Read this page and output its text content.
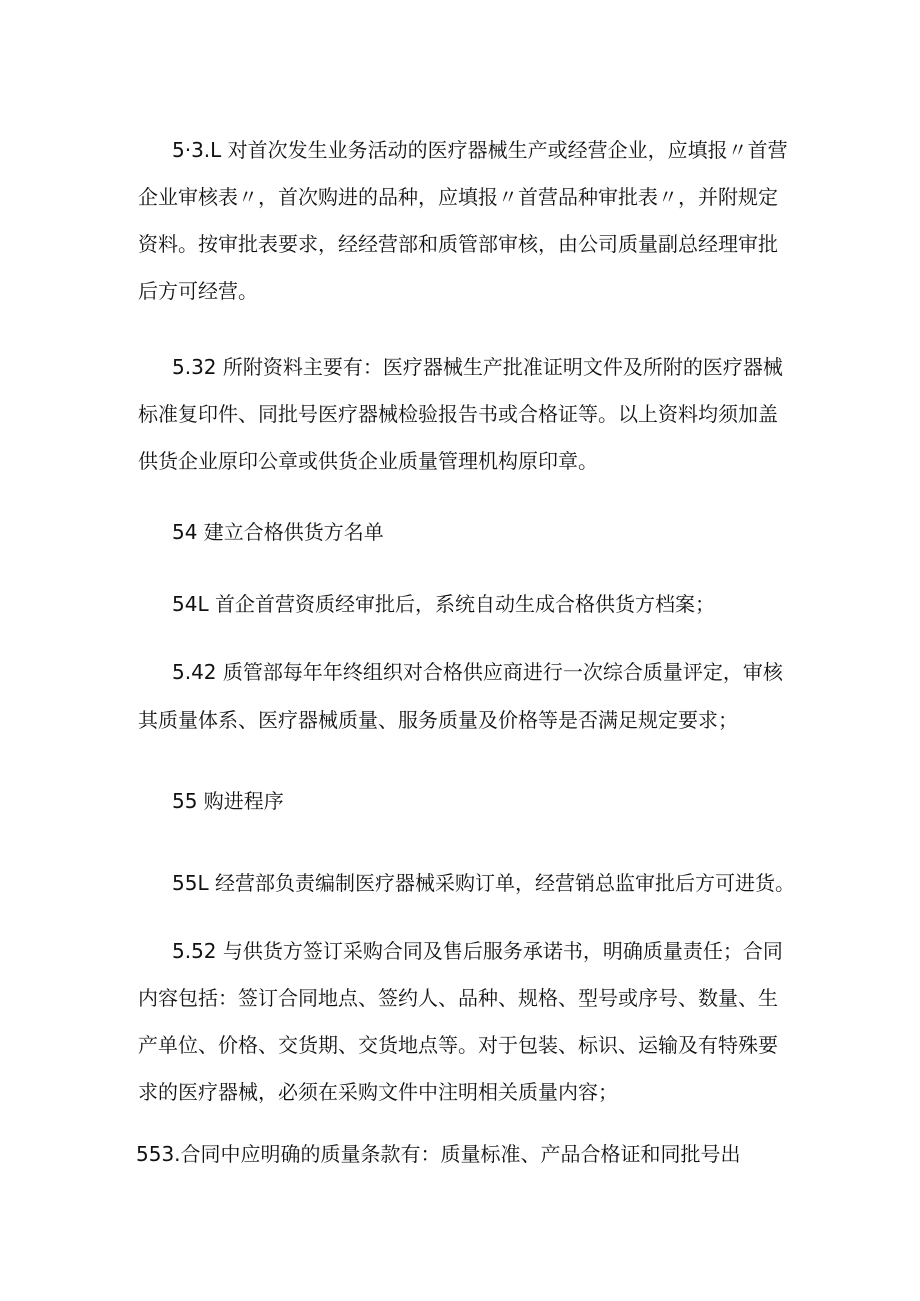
5·3.L 对首次发生业务活动的医疗器械生产或经营企业，应填报〃首营
企业审核表〃，首次购进的品种，应填报〃首营品种审批表〃，并附规定
资料。按审批表要求，经经营部和质管部审核，由公司质量副总经理审批
后方可经营。
5.32 所附资料主要有：医疗器械生产批准证明文件及所附的医疗器械
标准复印件、同批号医疗器械检验报告书或合格证等。以上资料均须加盖
供货企业原印公章或供货企业质量管理机构原印章。
54 建立合格供货方名单
54L 首企首营资质经审批后，系统自动生成合格供货方档案；
5.42 质管部每年年终组织对合格供应商进行一次综合质量评定，审核
其质量体系、医疗器械质量、服务质量及价格等是否满足规定要求；
55 购进程序
55L 经营部负责编制医疗器械采购订单，经营销总监审批后方可进货。
5.52 与供货方签订采购合同及售后服务承诺书，明确质量责任；合同
内容包括：签订合同地点、签约人、品种、规格、型号或序号、数量、生
产单位、价格、交货期、交货地点等。对于包装、标识、运输及有特殊要
求的医疗器械，必须在采购文件中注明相关质量内容；
553.合同中应明确的质量条款有：质量标准、产品合格证和同批号出
